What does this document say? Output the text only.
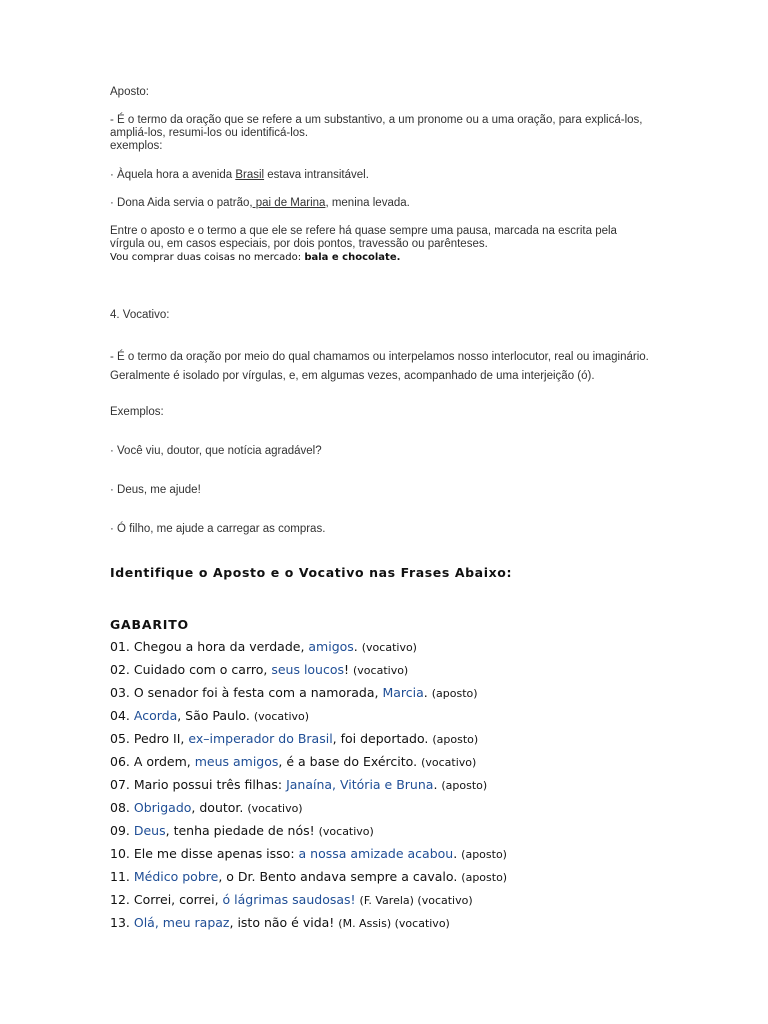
Aposto:

- É o termo da oração que se refere a um substantivo, a um pronome ou a uma oração, para explicá-los,

ampliá-los, resumi-los ou identificá-los.

exemplos:

· Àquela hora a avenida Brasil estava intransitável.

· Dona Aida servia o patrão, pai de Marina, menina levada.

Entre o aposto e o termo a que ele se refere há quase sempre uma pausa, marcada na escrita pela

vírgula ou, em casos especiais, por dois pontos, travessão ou parênteses.

Vou comprar duas coisas no mercado: bala e chocolate.

4. Vocativo:

- É o termo da oração por meio do qual chamamos ou interpelamos nosso interlocutor, real ou imaginário.

Geralmente é isolado por vírgulas, e, em algumas vezes, acompanhado de uma interjeição (ó).

Exemplos:

· Você viu, doutor, que notícia agradável?

· Deus, me ajude!

· Ó filho, me ajude a carregar as compras.

Identifique o Aposto e o Vocativo nas Frases Abaixo:

GABARITO

01. Chegou a hora da verdade, amigos. (vocativo)
02. Cuidado com o carro, seus loucos! (vocativo)
03. O senador foi à festa com a namorada, Marcia. (aposto)
04. Acorda, São Paulo. (vocativo)
05. Pedro II, ex–imperador do Brasil, foi deportado. (aposto)
06. A ordem, meus amigos, é a base do Exército. (vocativo)
07. Mario possui três filhas: Janaína, Vitória e Bruna. (aposto)
08. Obrigado, doutor. (vocativo)
09. Deus, tenha piedade de nós! (vocativo)
10. Ele me disse apenas isso: a nossa amizade acabou. (aposto)
11. Médico pobre, o Dr. Bento andava sempre a cavalo. (aposto)
12. Correi, correi, ó lágrimas saudosas! (F. Varela) (vocativo)
13. Olá, meu rapaz, isto não é vida! (M. Assis) (vocativo)
